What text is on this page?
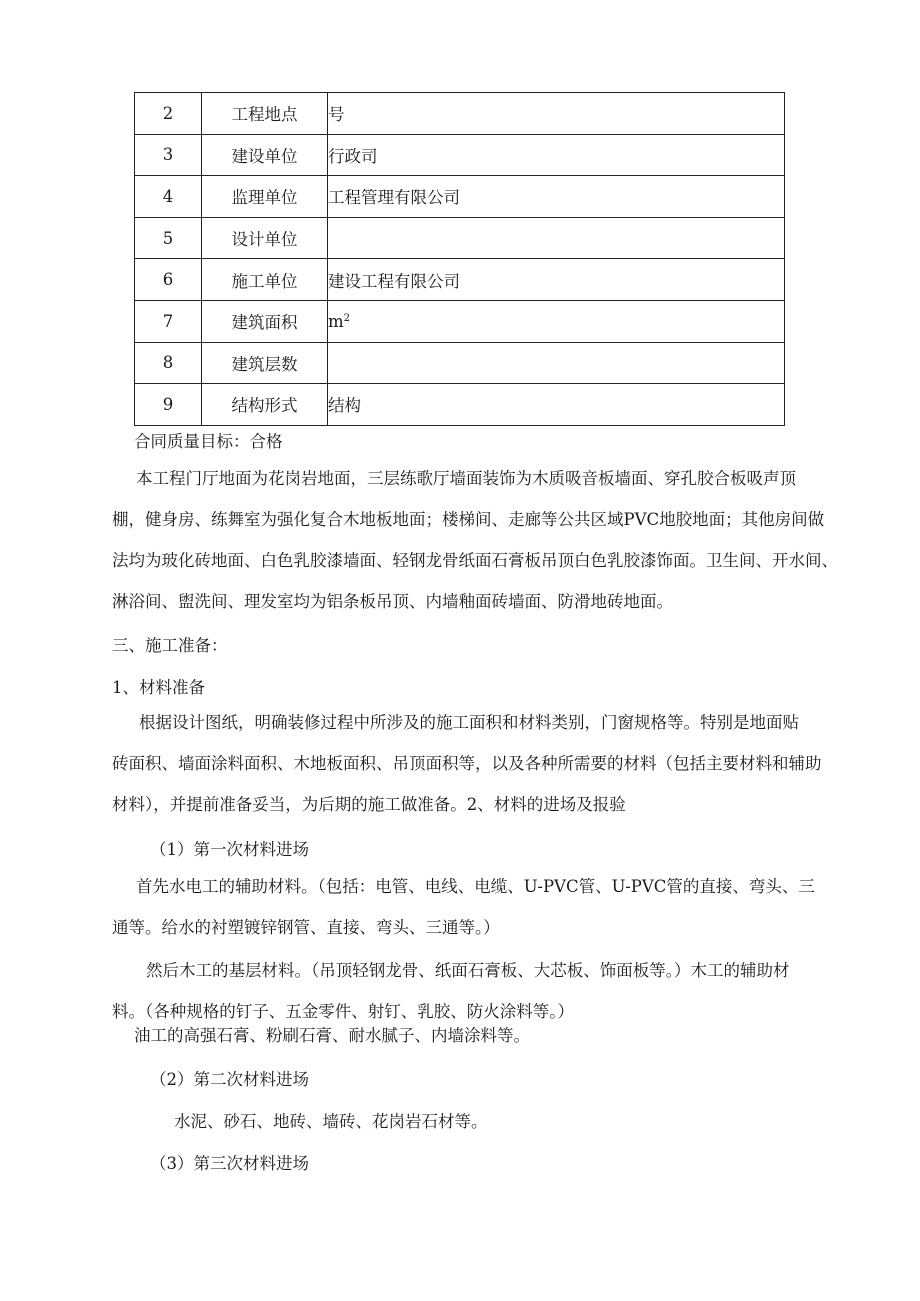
2	工程地点	号
3	建设单位	行政司
4	监理单位	工程管理有限公司
5	设计单位	
6	施工单位	建设工程有限公司
7	建筑面积	$m^2$
8	建筑层数	
9	结构形式	结构

合同质量目标：合格

本工程门厅地面为花岗岩地面，三层练歌厅墙面装饰为木质吸音板墙面、穿孔胶合板吸声顶
棚，健身房、练舞室为强化复合木地板地面；楼梯间、走廊等公共区域PVC地胶地面；其他房间做
法均为玻化砖地面、白色乳胶漆墙面、轻钢龙骨纸面石膏板吊顶白色乳胶漆饰面。卫生间、开水间、
淋浴间、盥洗间、理发室均为铝条板吊顶、内墙釉面砖墙面、防滑地砖地面。

三、施工准备：

1、材料准备

根据设计图纸，明确装修过程中所涉及的施工面积和材料类别，门窗规格等。特别是地面贴
砖面积、墙面涂料面积、木地板面积、吊顶面积等，以及各种所需要的材料（包括主要材料和辅助
材料），并提前准备妥当，为后期的施工做准备。2、材料的进场及报验

（1）第一次材料进场

首先水电工的辅助材料。（包括：电管、电线、电缆、U-PVC管、U-PVC管的直接、弯头、三
通等。给水的衬塑镀锌钢管、直接、弯头、三通等。）
然后木工的基层材料。（吊顶轻钢龙骨、纸面石膏板、大芯板、饰面板等。）木工的辅助材
料。（各种规格的钉子、五金零件、射钉、乳胶、防火涂料等。）

油工的高强石膏、粉刷石膏、耐水腻子、内墙涂料等。

（2）第二次材料进场

水泥、砂石、地砖、墙砖、花岗岩石材等。

（3）第三次材料进场
